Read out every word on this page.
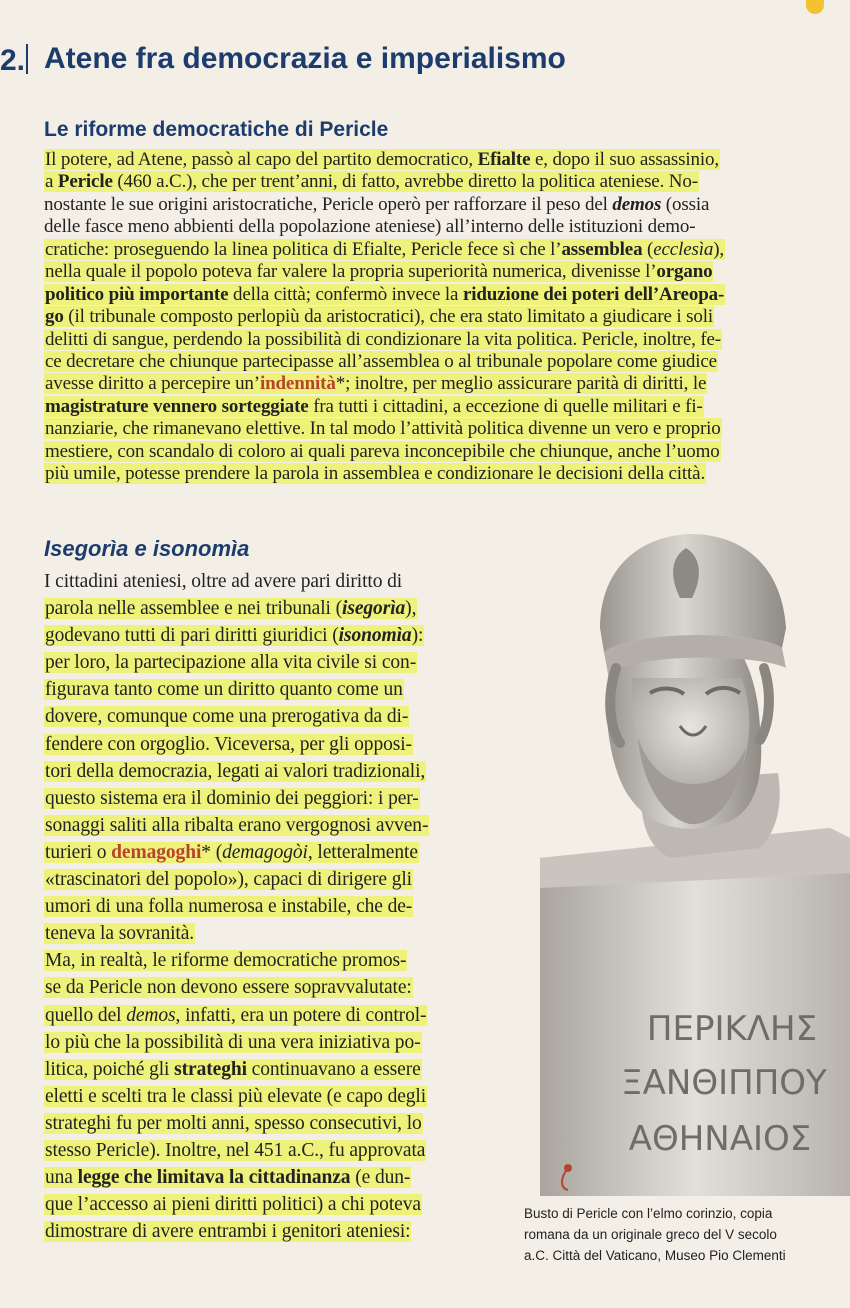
2. Atene fra democrazia e imperialismo
Le riforme democratiche di Pericle
Il potere, ad Atene, passò al capo del partito democratico, Efialte e, dopo il suo assassinio,
a Pericle (460 a.C.), che per trent’anni, di fatto, avrebbe diretto la politica ateniese. No-
nostante le sue origini aristocratiche, Pericle operò per rafforzare il peso del demos (ossia
delle fasce meno abbienti della popolazione ateniese) all’interno delle istituzioni demo-
cratiche: proseguendo la linea politica di Efialte, Pericle fece sì che l’assemblea (ecclesìa),
nella quale il popolo poteva far valere la propria superiorità numerica, divenisse l’organo
politico più importante della città; confermò invece la riduzione dei poteri dell’Areopa-
go (il tribunale composto perlopiù da aristocratici), che era stato limitato a giudicare i soli
delitti di sangue, perdendo la possibilità di condizionare la vita politica. Pericle, inoltre, fe-
ce decretare che chiunque partecipasse all’assemblea o al tribunale popolare come giudice
avesse diritto a percepire un’indennità*; inoltre, per meglio assicurare parità di diritti, le
magistrature vennero sorteggiate fra tutti i cittadini, a eccezione di quelle militari e fi-
nanziarie, che rimanevano elettive. In tal modo l’attività politica divenne un vero e proprio
mestiere, con scandalo di coloro ai quali pareva inconcepibile che chiunque, anche l’uomo
più umile, potesse prendere la parola in assemblea e condizionare le decisioni della città.
Isegorìa e isonomìa
I cittadini ateniesi, oltre ad avere pari diritto di
parola nelle assemblee e nei tribunali (isegorìa),
godevano tutti di pari diritti giuridici (isonomìa):
per loro, la partecipazione alla vita civile si con-
figurava tanto come un diritto quanto come un
dovere, comunque come una prerogativa da di-
fendere con orgoglio. Viceversa, per gli opposi-
tori della democrazia, legati ai valori tradizionali,
questo sistema era il dominio dei peggiori: i per-
sonaggi saliti alla ribalta erano vergognosi avven-
turieri o demagoghi* (demagogòi, letteralmente
«trascinatori del popolo»), capaci di dirigere gli
umori di una folla numerosa e instabile, che de-
teneva la sovranità.
Ma, in realtà, le riforme democratiche promos-
se da Pericle non devono essere sopravvalutate:
quello del demos, infatti, era un potere di control-
lo più che la possibilità di una vera iniziativa po-
litica, poiché gli strateghi continuavano a essere
eletti e scelti tra le classi più elevate (e capo degli
strateghi fu per molti anni, spesso consecutivi, lo
stesso Pericle). Inoltre, nel 451 a.C., fu approvata
una legge che limitava la cittadinanza (e dun-
que l’accesso ai pieni diritti politici) a chi poteva
dimostrare di avere entrambi i genitori ateniesi:
ΠΕΡΙΚΛΗΣ
ΞΑΝΘΙΠΠΟΥ
ΑΘΗΝΑΙΟΣ
Busto di Pericle con l’elmo corinzio, copia
romana da un originale greco del V secolo
a.C. Città del Vaticano, Museo Pio Clementi
